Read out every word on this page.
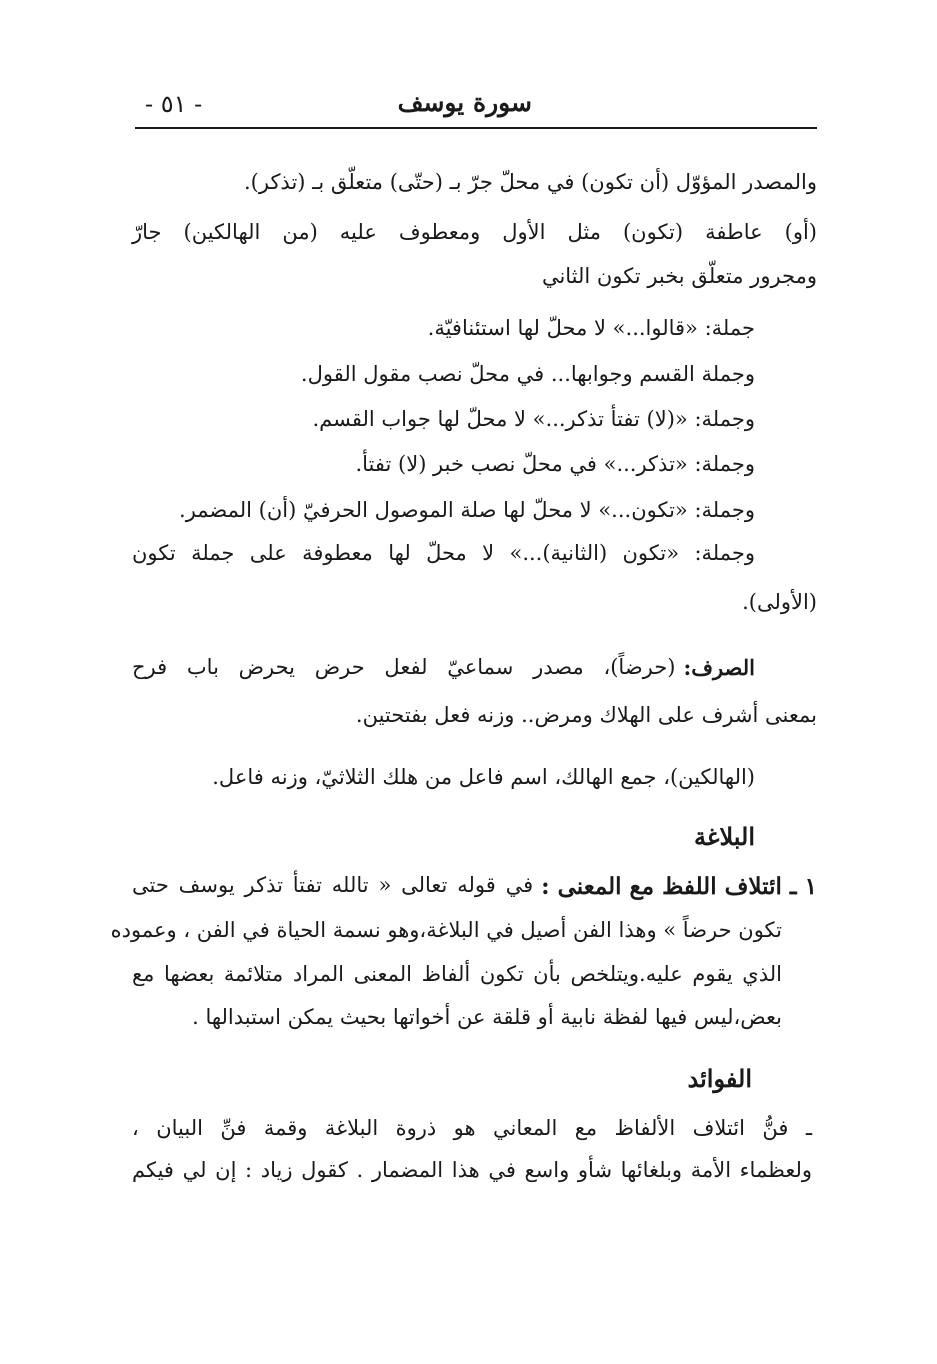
- ٥١ -	سورة يوسف
والمصدر المؤوّل (أن تكون) في محلّ جرّ بـ (حتّى) متعلّق بـ (تذكر).
(أو) عاطفة (تكون) مثل الأول ومعطوف عليه (من الهالكين) جارّ
ومجرور متعلّق بخبر تكون الثاني
جملة: «قالوا...» لا محلّ لها استئنافيّة.
وجملة القسم وجوابها... في محلّ نصب مقول القول.
وجملة: «(لا) تفتأ تذكر...» لا محلّ لها جواب القسم.
وجملة: «تذكر...» في محلّ نصب خبر (لا) تفتأ.
وجملة: «تكون...» لا محلّ لها صلة الموصول الحرفيّ (أن) المضمر.
وجملة: «تكون (الثانية)...» لا محلّ لها معطوفة على جملة تكون
(الأولى).
الصرف:
(حرضاً)، مصدر سماعيّ لفعل حرض يحرض باب فرح
بمعنى أشرف على الهلاك ومرض.. وزنه فعل بفتحتين.
(الهالكين)، جمع الهالك، اسم فاعل من هلك الثلاثيّ، وزنه فاعل.
البلاغة
١ ـ ائتلاف اللفظ مع المعنى :
في قوله تعالى « تالله تفتأ تذكر يوسف حتى
تكون حرضاً » وهذا الفن أصيل في البلاغة،وهو نسمة الحياة في الفن ، وعموده
الذي يقوم عليه.ويتلخص بأن تكون ألفاظ المعنى المراد متلائمة بعضها مع
بعض،ليس فيها لفظة نابية أو قلقة عن أخواتها بحيث يمكن استبدالها .
الفوائد
ـ فنُّ ائتلاف الألفاظ مع المعاني هو ذروة البلاغة وقمة فنِّ البيان ،
ولعظماء الأمة وبلغائها شأو واسع في هذا المضمار . كقول زياد : إن لي فيكم
